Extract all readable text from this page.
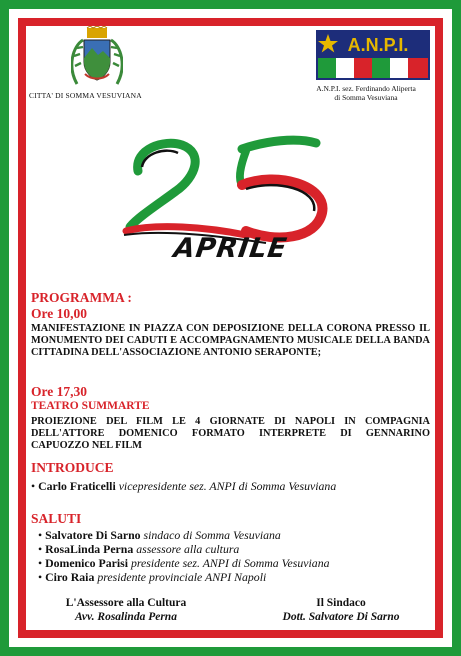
CITTA' DI SOMMA VESUVIANA
A.N.P.I.
A.N.P.I. sez. Ferdinando Aliperta
di Somma Vesuviana
APRILE
PROGRAMMA :
Ore 10,00
MANIFESTAZIONE IN PIAZZA CON DEPOSIZIONE DELLA CORONA PRESSO IL MONUMENTO DEI CADUTI E ACCOMPAGNAMENTO MUSICALE DELLA BANDA CITTADINA DELL'ASSOCIAZIONE ANTONIO SERAPONTE;
Ore 17,30
TEATRO SUMMARTE
PROIEZIONE DEL FILM LE 4 GIORNATE DI NAPOLI IN COMPAGNIA DELL'ATTORE DOMENICO FORMATO INTERPRETE DI GENNARINO CAPUOZZO NEL FILM
INTRODUCE
• Carlo Fraticelli vicepresidente sez. ANPI di Somma Vesuviana
SALUTI
• Salvatore Di Sarno sindaco di Somma Vesuviana
• RosaLinda Perna assessore alla cultura
• Domenico Parisi presidente sez. ANPI di Somma Vesuviana
• Ciro Raia presidente provinciale ANPI Napoli
L'Assessore alla Cultura
Avv. Rosalinda Perna
Il Sindaco
Dott. Salvatore Di Sarno
